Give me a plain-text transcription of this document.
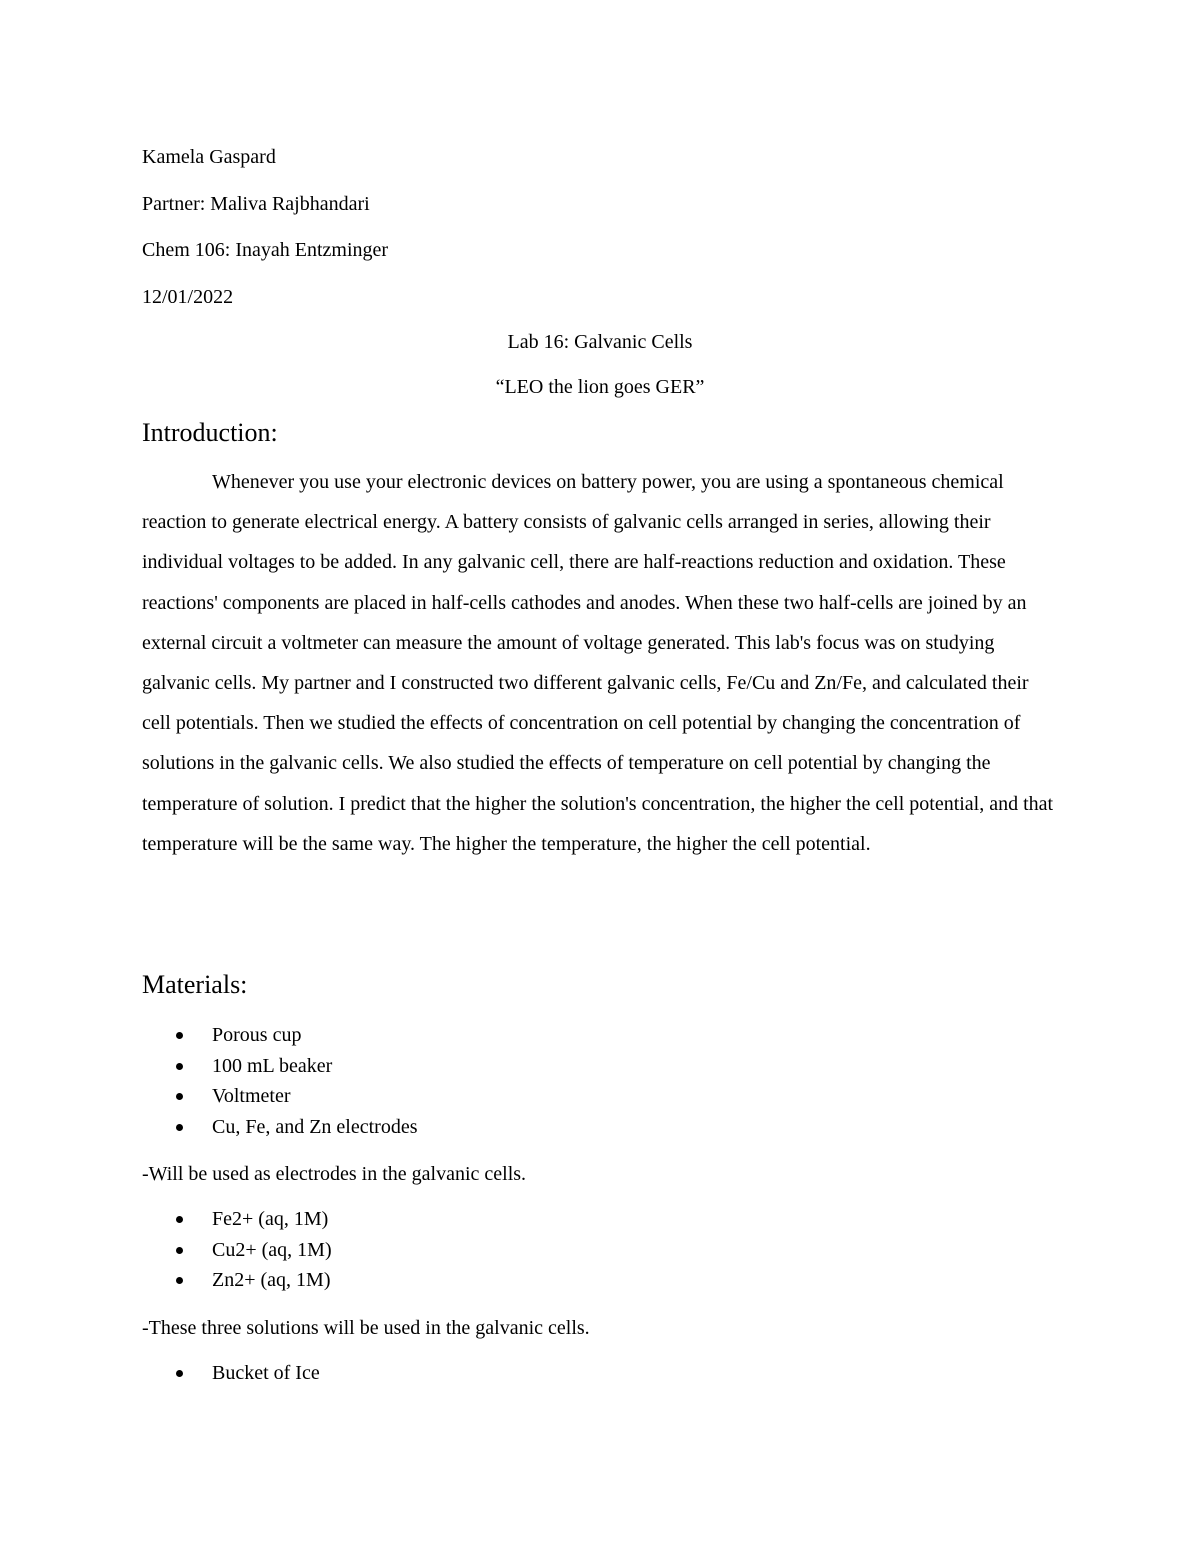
Kamela Gaspard
Partner: Maliva Rajbhandari
Chem 106: Inayah Entzminger
12/01/2022
Lab 16: Galvanic Cells
“LEO the lion goes GER”
Introduction:

Whenever you use your electronic devices on battery power, you are using a spontaneous chemical reaction to generate electrical energy. A battery consists of galvanic cells arranged in series, allowing their individual voltages to be added. In any galvanic cell, there are half-reactions reduction and oxidation. These reactions' components are placed in half-cells cathodes and anodes. When these two half-cells are joined by an external circuit a voltmeter can measure the amount of voltage generated. This lab's focus was on studying galvanic cells. My partner and I constructed two different galvanic cells, Fe/Cu and Zn/Fe, and calculated their cell potentials. Then we studied the effects of concentration on cell potential by changing the concentration of solutions in the galvanic cells. We also studied the effects of temperature on cell potential by changing the temperature of solution. I predict that the higher the solution's concentration, the higher the cell potential, and that temperature will be the same way. The higher the temperature, the higher the cell potential.

Materials:
Porous cup
100 mL beaker
Voltmeter
Cu, Fe, and Zn electrodes
-Will be used as electrodes in the galvanic cells.
Fe2+ (aq, 1M)
Cu2+ (aq, 1M)
Zn2+ (aq, 1M)
-These three solutions will be used in the galvanic cells.
Bucket of Ice
